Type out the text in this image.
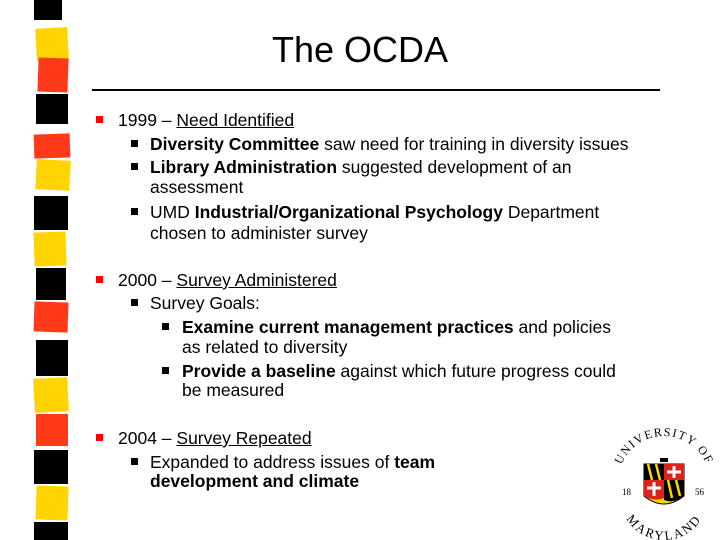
The OCDA
1999 – Need Identified
Diversity Committee saw need for training in diversity issues
Library Administration suggested development of an
assessment
UMD Industrial/Organizational Psychology Department
chosen to administer survey
2000 – Survey Administered
Survey Goals:
Examine current management practices and policies
as related to diversity
Provide a baseline against which future progress could
be measured
2004 – Survey Repeated
Expanded to address issues of team
development and climate
UNIVERSITY OF
MARYLAND
18	56
